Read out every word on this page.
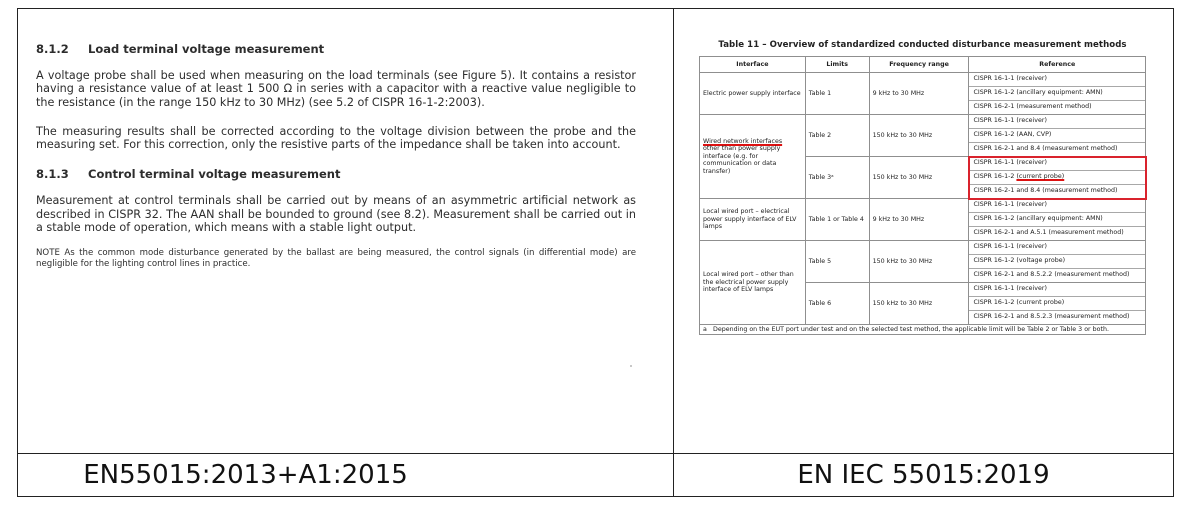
EN55015:2013+A1:2015	EN IEC 55015:2019
8.1.2	Load terminal voltage measurement

A voltage probe shall be used when measuring on the load terminals (see Figure 5). It contains a resistor having a resistance value of at least 1 500 Ω in series with a capacitor with a reactive value negligible to the resistance (in the range 150 kHz to 30 MHz) (see 5.2 of CISPR 16-1-2:2003).

The measuring results shall be corrected according to the voltage division between the probe and the measuring set. For this correction, only the resistive parts of the impedance shall be taken into account.

8.1.3	Control terminal voltage measurement

Measurement at control terminals shall be carried out by means of an asymmetric artificial network as described in CISPR 32. The AAN shall be bounded to ground (see 8.2). Measurement shall be carried out in a stable mode of operation, which means with a stable light output.

NOTE As the common mode disturbance generated by the ballast are being measured, the control signals (in differential mode) are negligible for the lighting control lines in practice.

Table 11 – Overview of standardized conducted disturbance measurement methods
Interface	Limits	Frequency range	Reference
Electric power supply interface	Table 1	9 kHz to 30 MHz	CISPR 16-1-1 (receiver)
CISPR 16-1-2 (ancillary equipment: AMN)
CISPR 16-2-1 (measurement method)

Wired network interfaces
other than power supply interface (e.g. for communication or data transfer)	Table 2	150 kHz to 30 MHz	CISPR 16-1-1 (receiver)
CISPR 16-1-2 (AAN, CVP)
CISPR 16-2-1 and 8.4 (measurement method)

	Table 3ᵃ	150 kHz to 30 MHz	CISPR 16-1-1 (receiver)
CISPR 16-1-2 (current probe)
CISPR 16-2-1 and 8.4 (measurement method)

Local wired port – electrical power supply interface of ELV lamps	Table 1 or Table 4	9 kHz to 30 MHz	CISPR 16-1-1 (receiver)
CISPR 16-1-2 (ancillary equipment: AMN)
CISPR 16-2-1 and A.5.1 (measurement method)

Local wired port – other than the electrical power supply interface of ELV lamps	Table 5	150 kHz to 30 MHz	CISPR 16-1-1 (receiver)
CISPR 16-1-2 (voltage probe)
CISPR 16-2-1 and 8.5.2.2 (measurement method)

	Table 6	150 kHz to 30 MHz	CISPR 16-1-1 (receiver)
CISPR 16-1-2 (current probe)
CISPR 16-2-1 and 8.5.2.3 (measurement method)

a Depending on the EUT port under test and on the selected test method, the applicable limit will be Table 2 or Table 3 or both.			
